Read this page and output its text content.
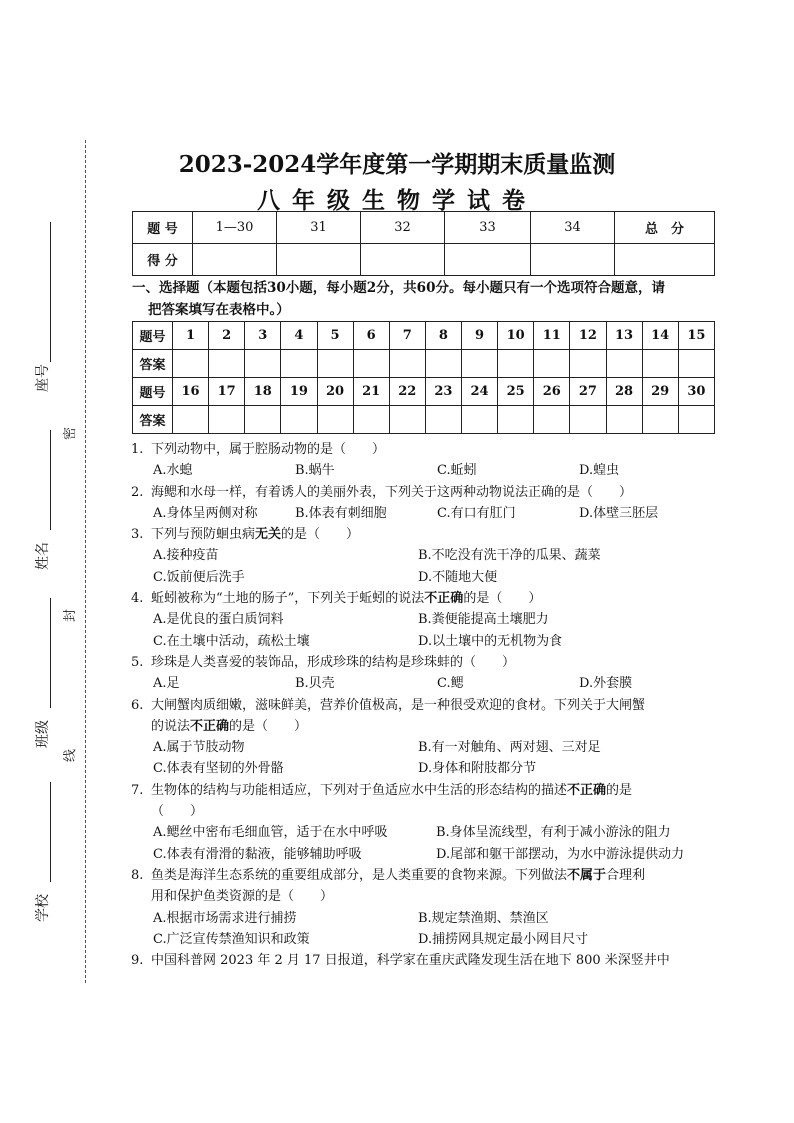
座号
姓名
班级
学校
密
封
线
2023-2024学年度第一学期期末质量监测
八年级生物学试卷
题 号	1—30	31	32	33	34	总　分
得 分						
一、选择题（本题包括30小题，每小题2分，共60分。每小题只有一个选项符合题意，请
把答案填写在表格中。）
题号	1	2	3	4	5	6	7	8	9	10	11	12	13	14	15
答案															
题号	16	17	18	19	20	21	22	23	24	25	26	27	28	29	30
答案															
1. 下列动物中，属于腔肠动物的是（　　）
A.水螅	B.蜗牛	C.蚯蚓	D.蝗虫
2. 海鳃和水母一样，有着诱人的美丽外表，下列关于这两种动物说法正确的是（　　）
A.身体呈两侧对称	B.体表有刺细胞	C.有口有肛门	D.体壁三胚层
3. 下列与预防蛔虫病无关的是（　　）
A.接种疫苗	B.不吃没有洗干净的瓜果、蔬菜
C.饭前便后洗手	D.不随地大便
4. 蚯蚓被称为“土地的肠子”，下列关于蚯蚓的说法不正确的是（　　）
A.是优良的蛋白质饲料	B.粪便能提高土壤肥力
C.在土壤中活动，疏松土壤	D.以土壤中的无机物为食
5. 珍珠是人类喜爱的装饰品，形成珍珠的结构是珍珠蚌的（　　）
A.足	B.贝壳	C.鳃	D.外套膜
6. 大闸蟹肉质细嫩，滋味鲜美，营养价值极高，是一种很受欢迎的食材。下列关于大闸蟹
的说法不正确的是（　　）
A.属于节肢动物	B.有一对触角、两对翅、三对足
C.体表有坚韧的外骨骼	D.身体和附肢都分节
7. 生物体的结构与功能相适应，下列对于鱼适应水中生活的形态结构的描述不正确的是
（　　）
A.鳃丝中密布毛细血管，适于在水中呼吸	B.身体呈流线型，有利于减小游泳的阻力
C.体表有滑滑的黏液，能够辅助呼吸	D.尾部和躯干部摆动，为水中游泳提供动力
8. 鱼类是海洋生态系统的重要组成部分，是人类重要的食物来源。下列做法不属于合理利
用和保护鱼类资源的是（　　）
A.根据市场需求进行捕捞	B.规定禁渔期、禁渔区
C.广泛宣传禁渔知识和政策	D.捕捞网具规定最小网目尺寸
9. 中国科普网 2023 年 2 月 17 日报道，科学家在重庆武隆发现生活在地下 800 米深竖井中
